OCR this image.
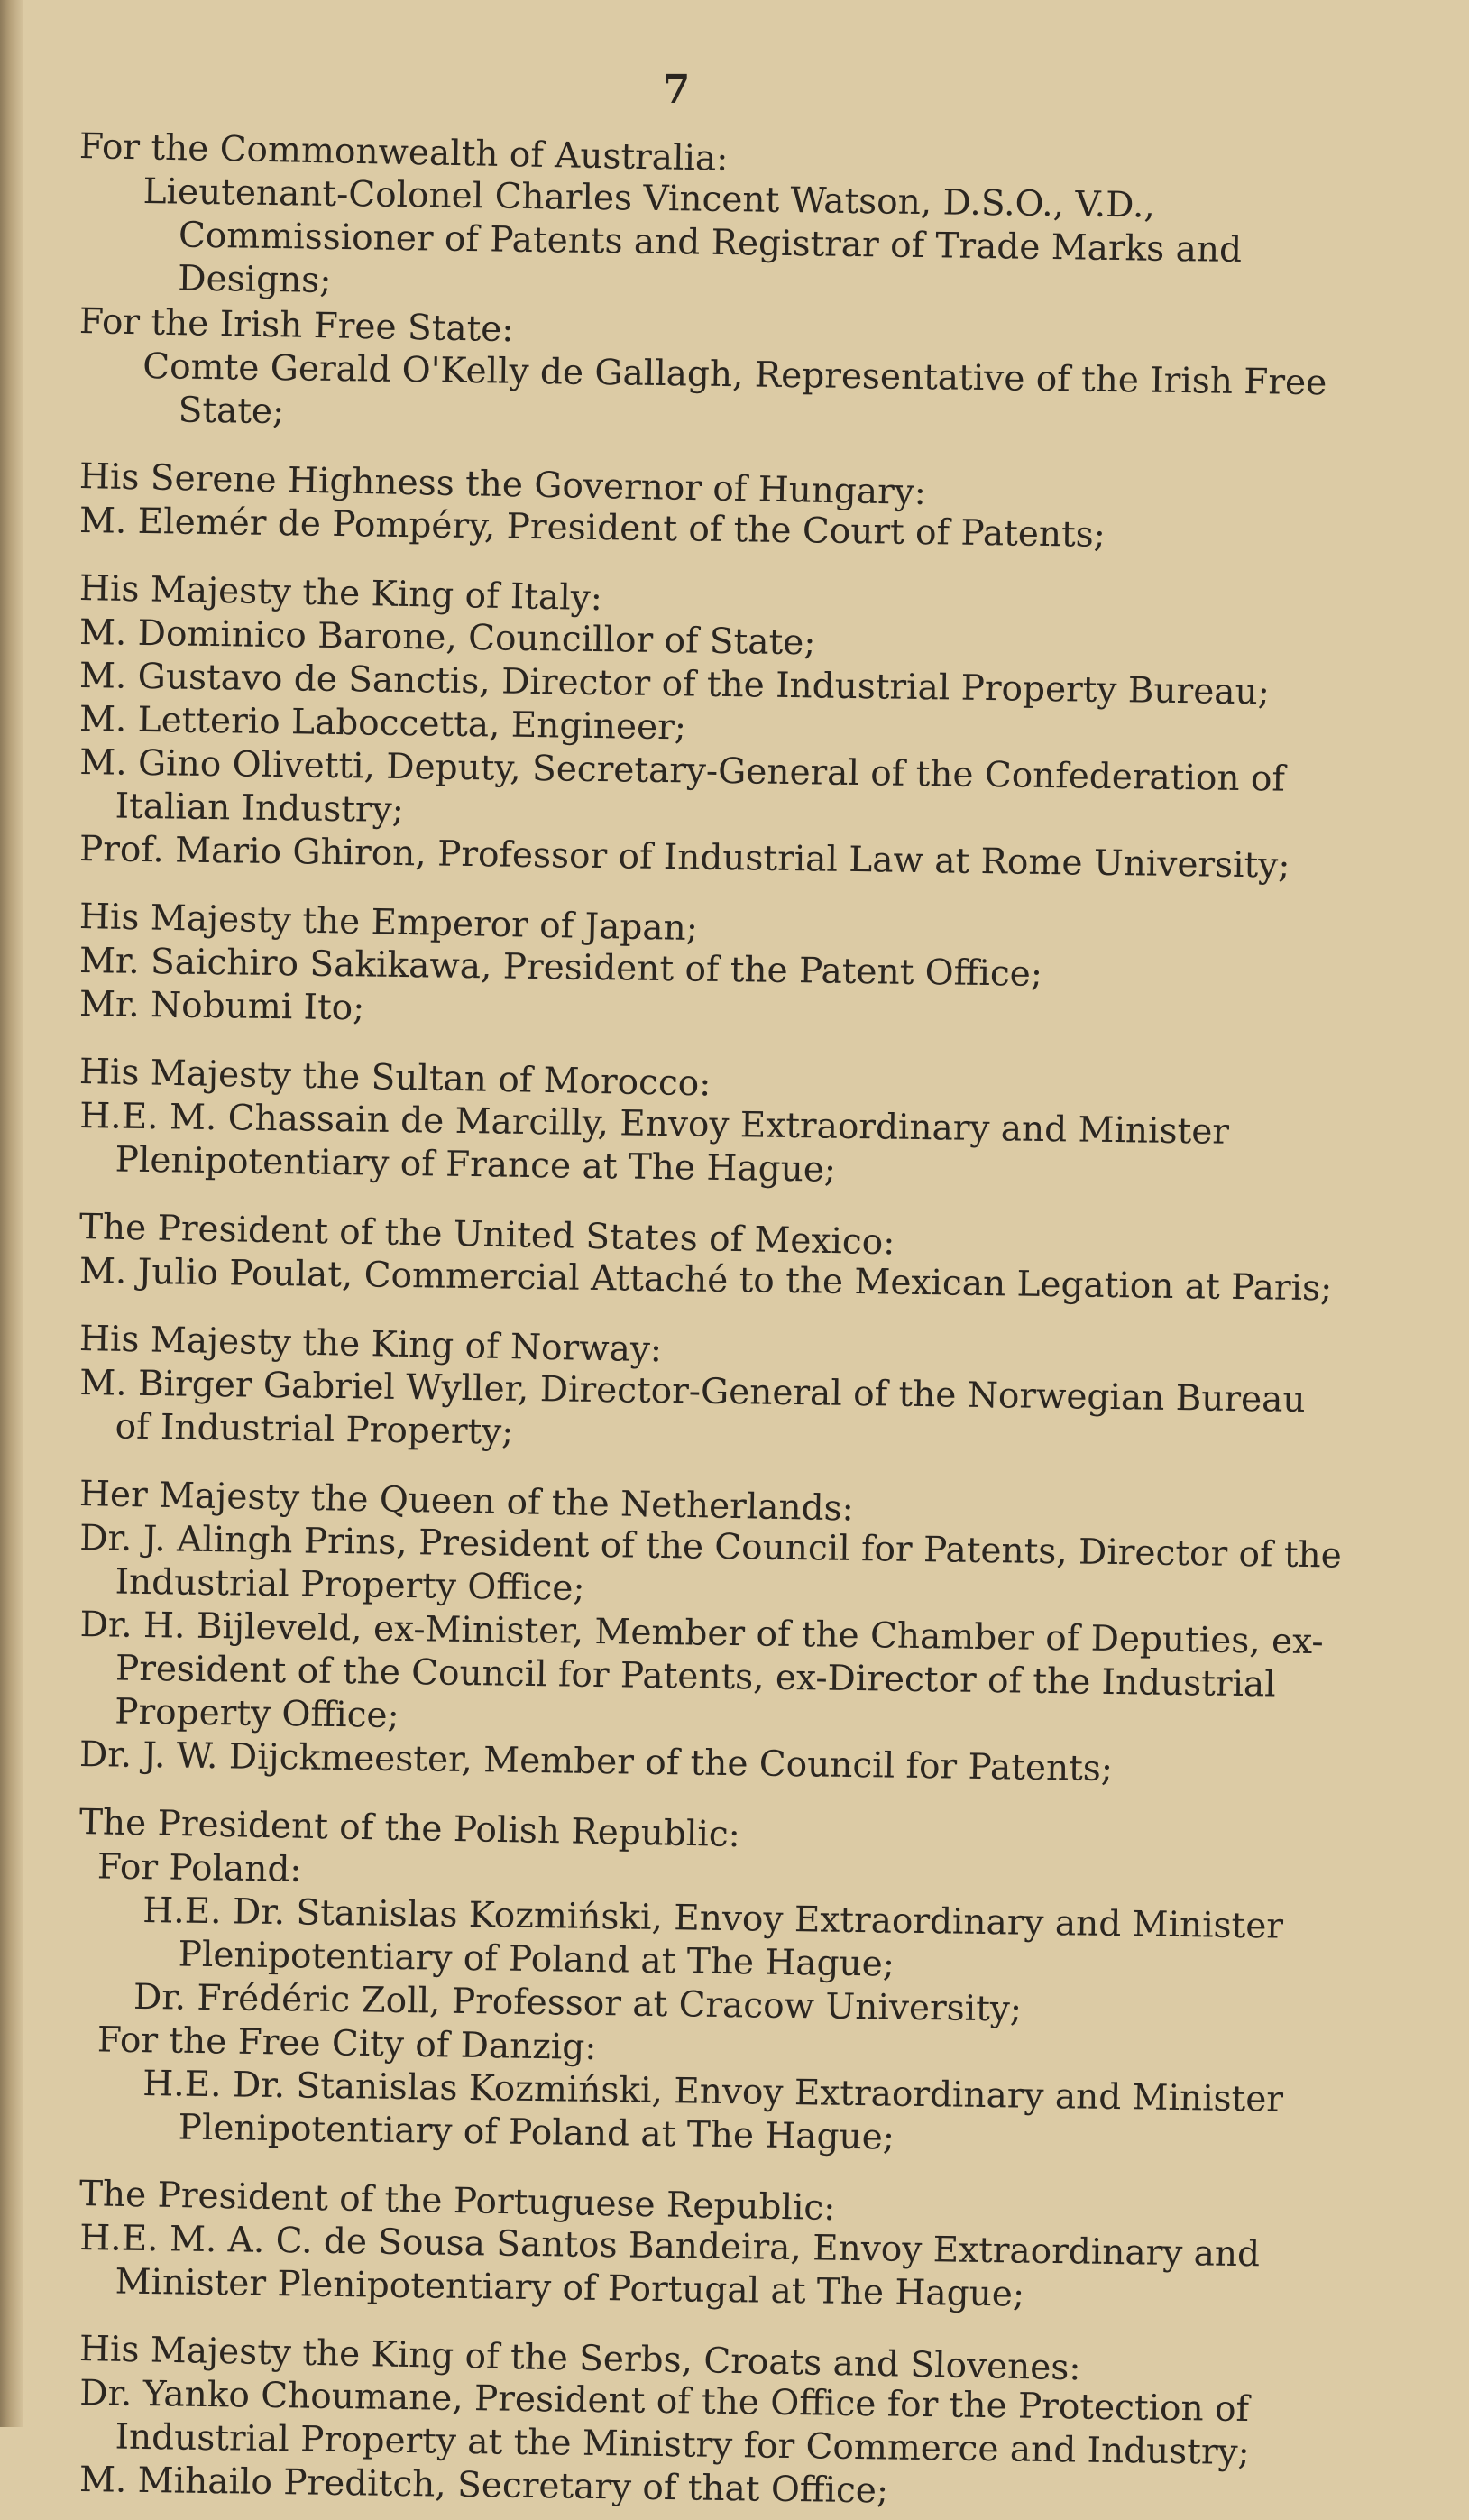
7

For the Commonwealth of Australia:

Lieutenant-Colonel Charles Vincent Watson, D.S.O., V.D., Commissioner of Patents and Registrar of Trade Marks and Designs;

For the Irish Free State:

Comte Gerald O'Kelly de Gallagh, Representative of the Irish Free State;

His Serene Highness the Governor of Hungary:

M. Elemér de Pompéry, President of the Court of Patents;

His Majesty the King of Italy:

M. Dominico Barone, Councillor of State;

M. Gustavo de Sanctis, Director of the Industrial Property Bureau;

M. Letterio Laboccetta, Engineer;

M. Gino Olivetti, Deputy, Secretary-General of the Confederation of Italian Industry;

Prof. Mario Ghiron, Professor of Industrial Law at Rome University;

His Majesty the Emperor of Japan;

Mr. Saichiro Sakikawa, President of the Patent Office;

Mr. Nobumi Ito;

His Majesty the Sultan of Morocco:

H.E. M. Chassain de Marcilly, Envoy Extraordinary and Minister Plenipotentiary of France at The Hague;

The President of the United States of Mexico:

M. Julio Poulat, Commercial Attaché to the Mexican Legation at Paris;

His Majesty the King of Norway:

M. Birger Gabriel Wyller, Director-General of the Norwegian Bureau of Industrial Property;

Her Majesty the Queen of the Netherlands:

Dr. J. Alingh Prins, President of the Council for Patents, Director of the Industrial Property Office;

Dr. H. Bijleveld, ex-Minister, Member of the Chamber of Deputies, ex-President of the Council for Patents, ex-Director of the Industrial Property Office;

Dr. J. W. Dijckmeester, Member of the Council for Patents;

The President of the Polish Republic:

For Poland:

H.E. Dr. Stanislas Kozmiński, Envoy Extraordinary and Minister Plenipotentiary of Poland at The Hague;

Dr. Frédéric Zoll, Professor at Cracow University;

For the Free City of Danzig:

H.E. Dr. Stanislas Kozmiński, Envoy Extraordinary and Minister Plenipotentiary of Poland at The Hague;

The President of the Portuguese Republic:

H.E. M. A. C. de Sousa Santos Bandeira, Envoy Extraordinary and Minister Plenipotentiary of Portugal at The Hague;

His Majesty the King of the Serbs, Croats and Slovenes:

Dr. Yanko Choumane, President of the Office for the Protection of Industrial Property at the Ministry for Commerce and Industry;

M. Mihailo Preditch, Secretary of that Office;
